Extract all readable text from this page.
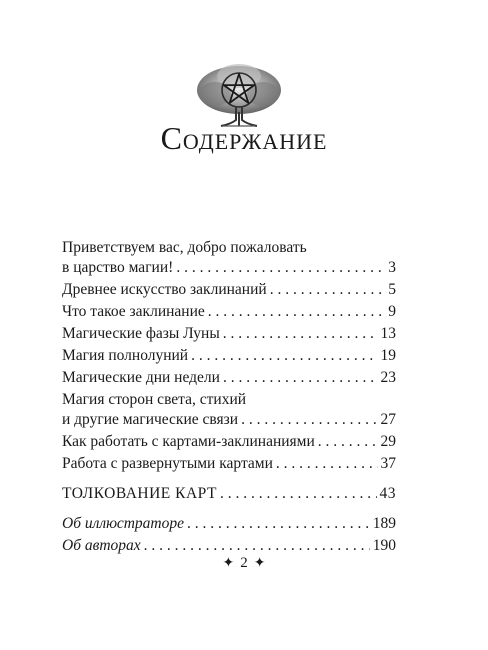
Содержание
Приветствуем вас, добро пожаловать
в царство магии! . . .	3
Древнее искусство заклинаний . . .	5
Что такое заклинание . . .	9
Магические фазы Луны . . .	13
Магия полнолуний . . .	19
Магические дни недели . . .	23
Магия сторон света, стихий
и другие магические связи . . .	27
Как работать с картами-заклинаниями . . .	29
Работа с развернутыми картами . . .	37
ТОЛКОВАНИЕ КАРТ . . .	43
Об иллюстраторе . . .	189
Об авторах . . .	190
✦ 2 ✦
